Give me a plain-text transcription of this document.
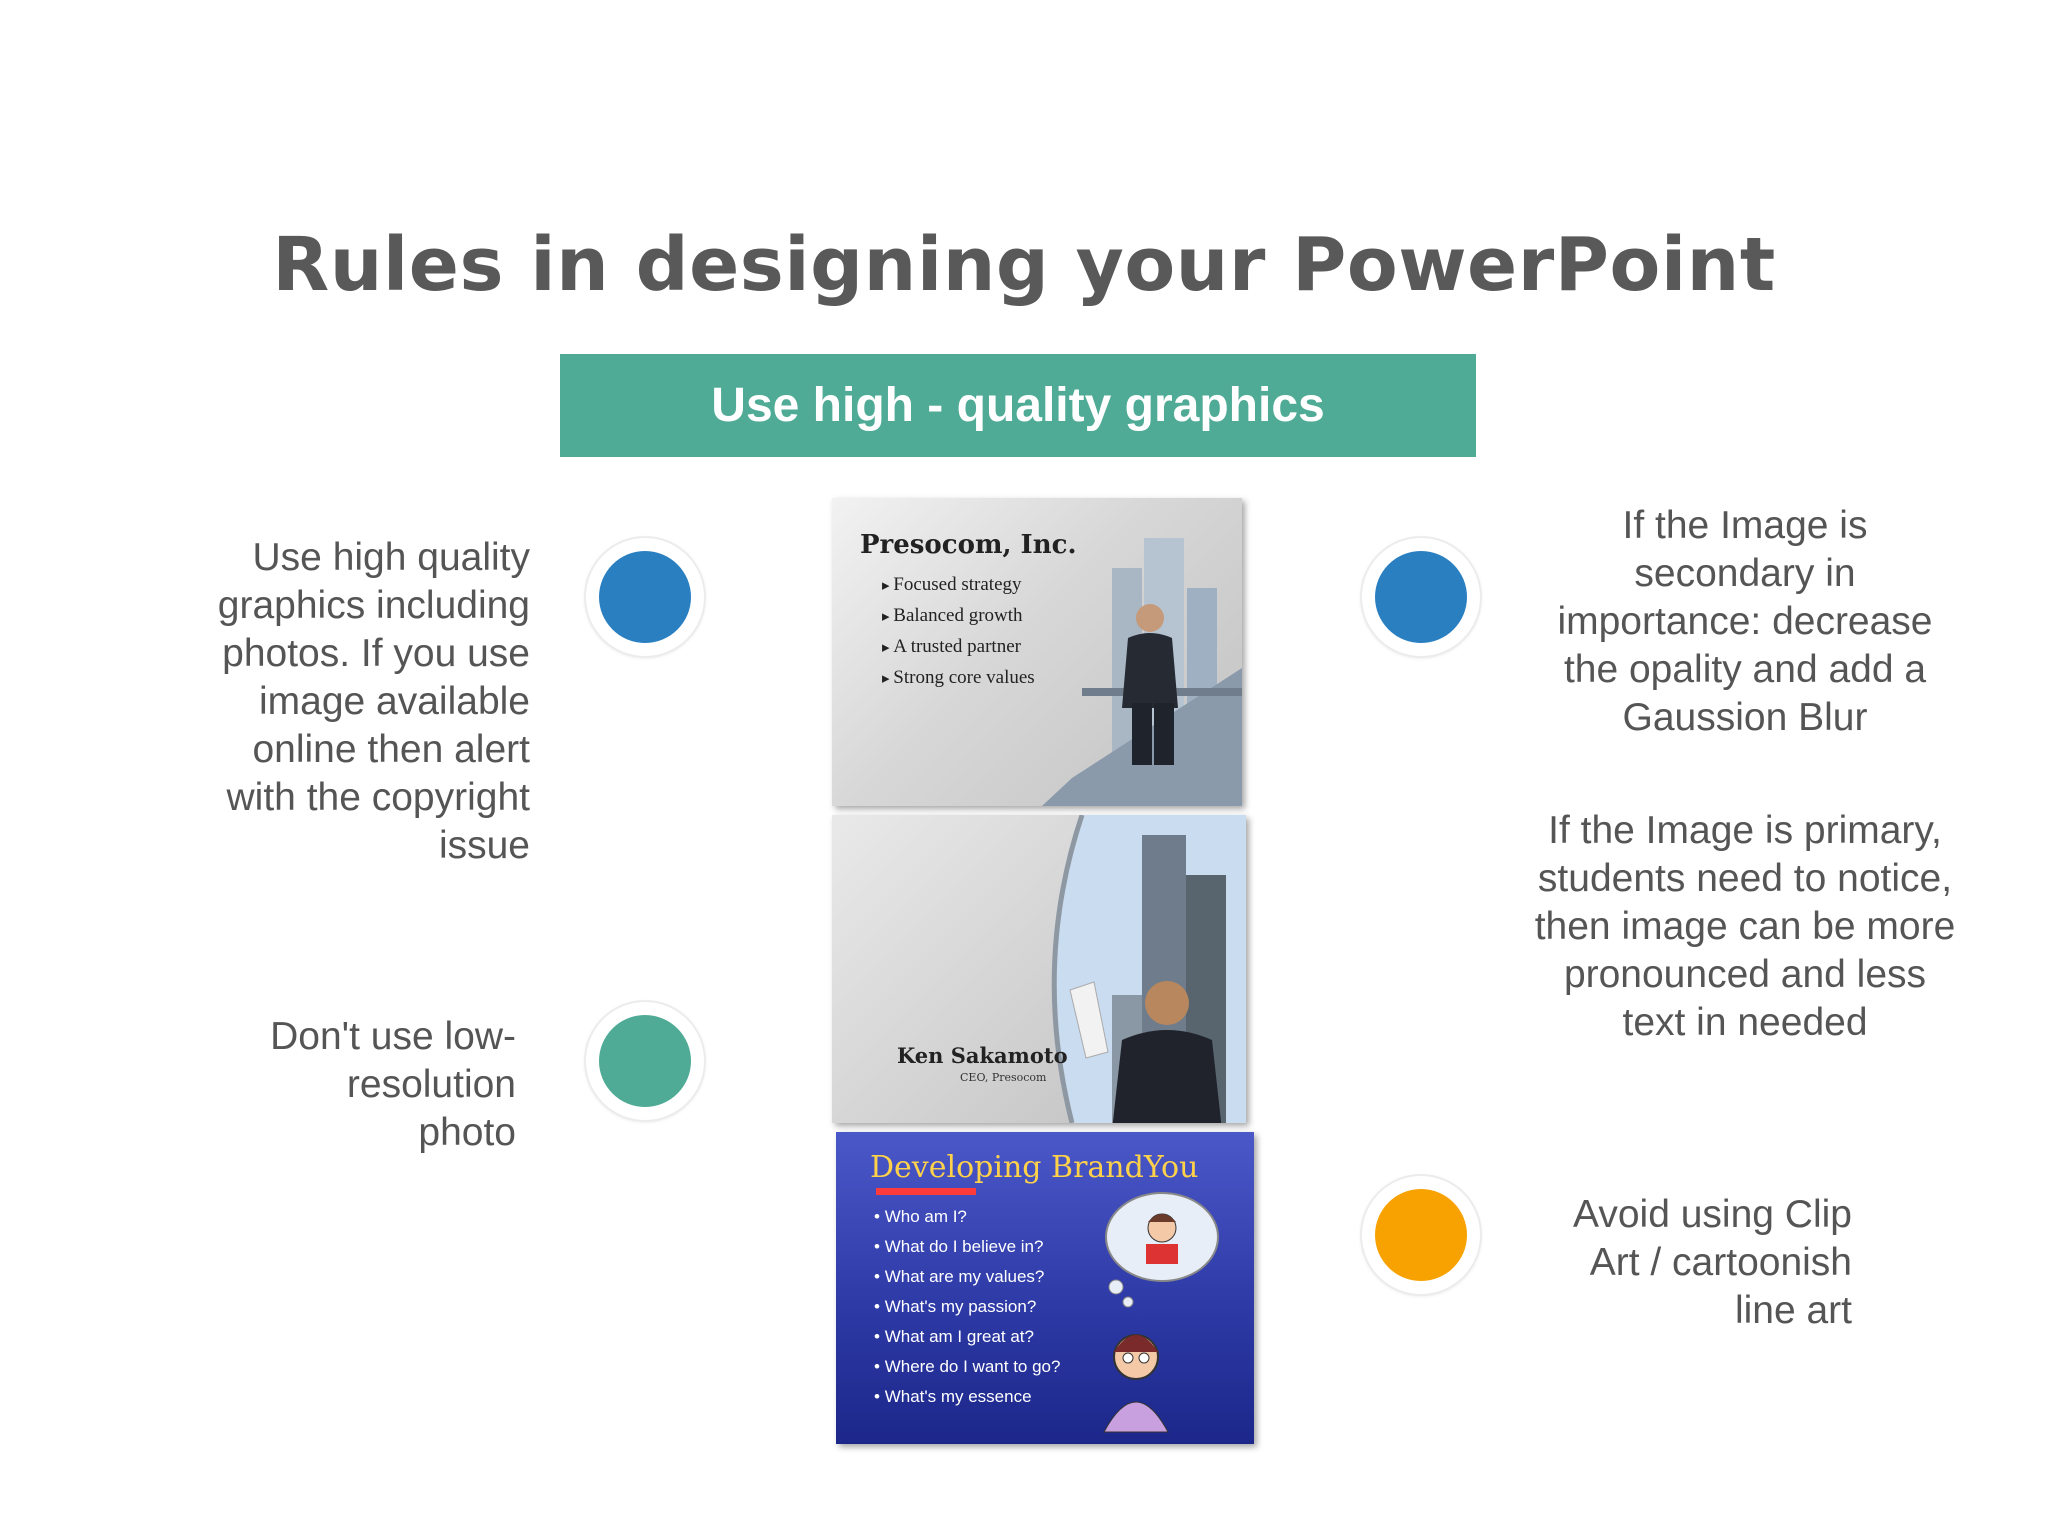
Rules in designing your PowerPoint
Use high - quality graphics
Use high quality graphics including photos. If you use image available online then alert with the copyright issue
Don't use low-resolution photo
If the Image is secondary in importance: decrease the opality and add a Gaussion Blur
If the Image is primary, students need to notice, then image can be more pronounced and less text in needed
Avoid using Clip Art / cartoonish line art
Presocom, Inc.
▸ Focused strategy
▸ Balanced growth
▸ A trusted partner
▸ Strong core values
Ken Sakamoto
CEO, Presocom
Developing BrandYou
• Who am I?
• What do I believe in?
• What are my values?
• What's my passion?
• What am I great at?
• Where do I want to go?
• What's my essence
